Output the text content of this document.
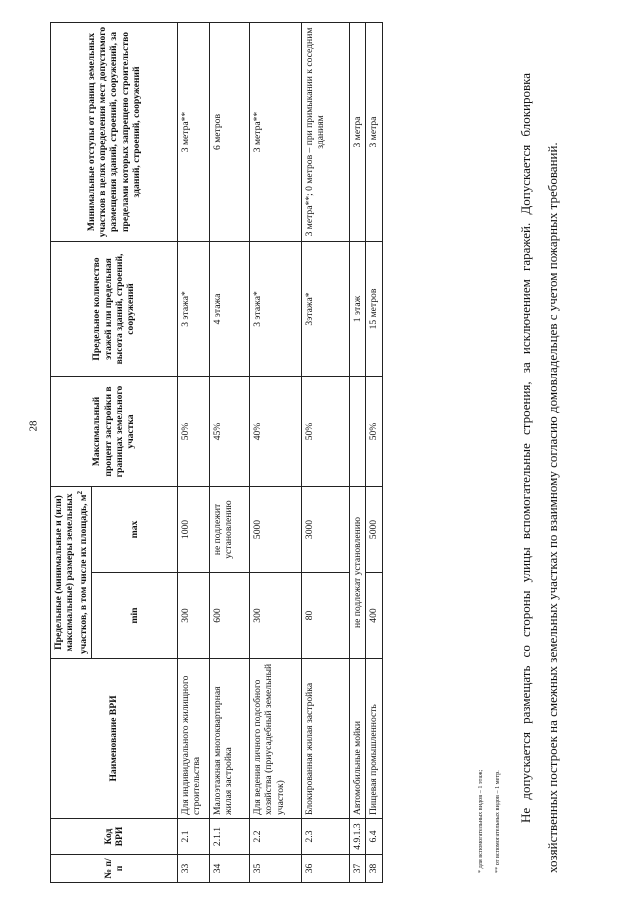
28
№ п/п	Код ВРИ	Наименование ВРИ	Предельные (минимальные и (или) максимальные) размеры земельных участков, в том числе их площадь, $м^2$		Максимальный процент застройки в границах земельного участка	Предельное количество этажей или предельная высота зданий, строений, сооружений	Минимальные отступы от границ земельных участков в целях определения мест допустимого размещения зданий, строений, сооружений, за пределами которых запрещено строительство зданий, строений, сооружений
			min	max			
33	2.1	Для индивидуального жилищного строительства	300	1000	50%	3 этажа*	3 метра**
34	2.1.1	Малоэтажная многоквартирная жилая застройка	600	не подлежит установлению	45%	4 этажа	6 метров
35	2.2	Для ведения личного подсобного хозяйства (приусадебный земельный участок)	300	5000	40%	3 этажа*	3 метра**
36	2.3	Блокированная жилая застройка	80	3000	50%	3этажа*	3 метра**; 0 метров – при примыкании к соседним зданиям
37	4.9.1.3	Автомобильные мойки	не подлежат установлению			1 этаж	3 метра
38	6.4	Пищевая промышленность	400	5000	50%	15 метров	3 метра
* для вспомогательных видов – 1 этаж; ** от вспомогательных видов – 1 метр.	Не допускается размещать со стороны улицы вспомогательные строения, за исключением гаражей. Допускается блокировка хозяйственных построек на смежных земельных участках по взаимному согласию домовладельцев с учетом пожарных требований.
